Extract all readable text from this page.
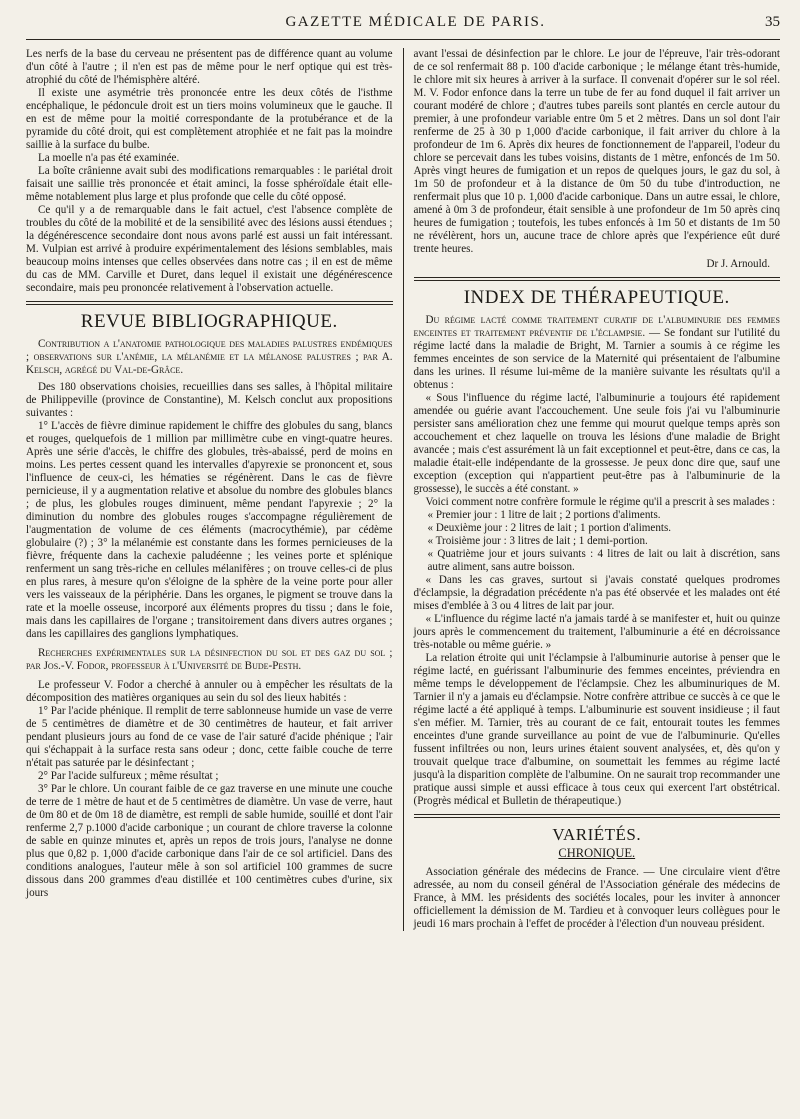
GAZETTE MÉDICALE DE PARIS.	35

Les nerfs de la base du cerveau ne présentent pas de différence quant au volume d'un côté à l'autre ; il n'en est pas de même pour le nerf optique qui est très-atrophié du côté de l'hémisphère altéré.

Il existe une asymétrie très prononcée entre les deux côtés de l'isthme encéphalique, le pédoncule droit est un tiers moins volumineux que le gauche. Il en est de même pour la moitié correspondante de la protubérance et de la pyramide du côté droit, qui est complètement atrophiée et ne fait pas la moindre saillie à la surface du bulbe.

La moelle n'a pas été examinée.

La boîte crânienne avait subi des modifications remarquables : le pariétal droit faisait une saillie très prononcée et était aminci, la fosse sphéroïdale était elle-même notablement plus large et plus profonde que celle du côté opposé.

Ce qu'il y a de remarquable dans le fait actuel, c'est l'absence complète de troubles du côté de la mobilité et de la sensibilité avec des lésions aussi étendues ; la dégénérescence secondaire dont nous avons parlé est aussi un fait intéressant. M. Vulpian est arrivé à produire expérimentalement des lésions semblables, mais beaucoup moins intenses que celles observées dans notre cas ; il en est de même du cas de MM. Carville et Duret, dans lequel il existait une dégénérescence secondaire, mais peu prononcée relativement à l'observation actuelle.

REVUE BIBLIOGRAPHIQUE.

Contribution a l'anatomie pathologique des maladies palustres endémiques ; observations sur l'anémie, la mélanémie et la mélanose palustres ; par A. Kelsch, agrégé du Val-de-Grâce.

Des 180 observations choisies, recueillies dans ses salles, à l'hôpital militaire de Philippeville (province de Constantine), M. Kelsch conclut aux propositions suivantes :

1° L'accès de fièvre diminue rapidement le chiffre des globules du sang, blancs et rouges, quelquefois de 1 million par millimètre cube en vingt-quatre heures. Après une série d'accès, le chiffre des globules, très-abaissé, perd de moins en moins. Les pertes cessent quand les intervalles d'apyrexie se prononcent et, sous l'influence de ceux-ci, les hématies se régénèrent. Dans le cas de fièvre pernicieuse, il y a augmentation relative et absolue du nombre des globules blancs ; de plus, les globules rouges diminuent, même pendant l'apyrexie ; 2° la diminution du nombre des globules rouges s'accompagne régulièrement de l'augmentation de volume de ces éléments (macrocythémie), par cédème globulaire (?) ; 3° la mélanémie est constante dans les formes pernicieuses de la fièvre, fréquente dans la cachexie paludéenne ; les veines porte et splénique renferment un sang très-riche en cellules mélanifères ; on trouve celles-ci de plus en plus rares, à mesure qu'on s'éloigne de la sphère de la veine porte pour aller vers les vaisseaux de la périphérie. Dans les organes, le pigment se trouve dans la rate et la moelle osseuse, incorporé aux éléments propres du tissu ; dans le foie, mais dans les capillaires de l'organe ; transitoirement dans divers autres organes ; dans les capillaires des ganglions lymphatiques.

Recherches expérimentales sur la désinfection du sol et des gaz du sol ; par Jos.-V. Fodor, professeur à l'Université de Bude-Pesth.

Le professeur V. Fodor a cherché à annuler ou à empêcher les résultats de la décomposition des matières organiques au sein du sol des lieux habités :

1° Par l'acide phénique. Il remplit de terre sablonneuse humide un vase de verre de 5 centimètres de diamètre et de 30 centimètres de hauteur, et fait arriver pendant plusieurs jours au fond de ce vase de l'air saturé d'acide phénique ; l'air qui s'échappait à la surface resta sans odeur ; donc, cette faible couche de terre n'était pas saturée par le désinfectant ;

2° Par l'acide sulfureux ; même résultat ;

3° Par le chlore. Un courant faible de ce gaz traverse en une minute une couche de terre de 1 mètre de haut et de 5 centimètres de diamètre. Un vase de verre, haut de 0m 80 et de 0m 18 de diamètre, est rempli de sable humide, souillé et dont l'air renferme 2,7 p.1000 d'acide carbonique ; un courant de chlore traverse la colonne de sable en quinze minutes et, après un repos de trois jours, l'analyse ne donne plus que 0,82 p. 1,000 d'acide carbonique dans l'air de ce sol artificiel. Dans des conditions analogues, l'auteur mêle à son sol artificiel 100 grammes de sucre dissous dans 200 grammes d'eau distillée et 100 centimètres cubes d'urine, six jours

avant l'essai de désinfection par le chlore. Le jour de l'épreuve, l'air très-odorant de ce sol renfermait 88 p. 100 d'acide carbonique ; le mélange étant très-humide, le chlore mit six heures à arriver à la surface. Il convenait d'opérer sur le sol réel. M. V. Fodor enfonce dans la terre un tube de fer au fond duquel il fait arriver un courant modéré de chlore ; d'autres tubes pareils sont plantés en cercle autour du premier, à une profondeur variable entre 0m 5 et 2 mètres. Dans un sol dont l'air renferme de 25 à 30 p 1,000 d'acide carbonique, il fait arriver du chlore à la profondeur de 1m 6. Après dix heures de fonctionnement de l'appareil, l'odeur du chlore se percevait dans les tubes voisins, distants de 1 mètre, enfoncés de 1m 50. Après vingt heures de fumigation et un repos de quelques jours, le gaz du sol, à 1m 50 de profondeur et à la distance de 0m 50 du tube d'introduction, ne renfermait plus que 10 p. 1,000 d'acide carbonique. Dans un autre essai, le chlore, amené à 0m 3 de profondeur, était sensible à une profondeur de 1m 50 après cinq heures de fumigation ; toutefois, les tubes enfoncés à 1m 50 et distants de 1m 50 ne révélèrent, hors un, aucune trace de chlore après que l'expérience eût duré trente heures.

Dr J. Arnould.
INDEX DE THÉRAPEUTIQUE.

Du régime lacté comme traitement curatif de l'albuminurie des femmes enceintes et traitement préventif de l'éclampsie. — Se fondant sur l'utilité du régime lacté dans la maladie de Bright, M. Tarnier a soumis à ce régime les femmes enceintes de son service de la Maternité qui présentaient de l'albumine dans les urines. Il résume lui-même de la manière suivante les résultats qu'il a obtenus :

« Sous l'influence du régime lacté, l'albuminurie a toujours été rapidement amendée ou guérie avant l'accouchement. Une seule fois j'ai vu l'albuminurie persister sans amélioration chez une femme qui mourut quelque temps après son accouchement et chez laquelle on trouva les lésions d'une maladie de Bright avancée ; mais c'est assurément là un fait exceptionnel et peut-être, dans ce cas, la maladie était-elle indépendante de la grossesse. Je peux donc dire que, sauf une exception (exception qui n'appartient peut-être pas à l'albuminurie de la grossesse), le succès a été constant. »

Voici comment notre confrère formule le régime qu'il a prescrit à ses malades :

« Premier jour : 1 litre de lait ; 2 portions d'aliments.

« Deuxième jour : 2 litres de lait ; 1 portion d'aliments.

« Troisième jour : 3 litres de lait ; 1 demi-portion.

« Quatrième jour et jours suivants : 4 litres de lait ou lait à discrétion, sans autre aliment, sans autre boisson.

« Dans les cas graves, surtout si j'avais constaté quelques prodromes d'éclampsie, la dégradation précédente n'a pas été observée et les malades ont été mises d'emblée à 3 ou 4 litres de lait par jour.

« L'influence du régime lacté n'a jamais tardé à se manifester et, huit ou quinze jours après le commencement du traitement, l'albuminurie a été en décroissance très-notable ou même guérie. »

La relation étroite qui unit l'éclampsie à l'albuminurie autorise à penser que le régime lacté, en guérissant l'albuminurie des femmes enceintes, préviendra en même temps le développement de l'éclampsie. Chez les albuminuriques de M. Tarnier il n'y a jamais eu d'éclampsie. Notre confrère attribue ce succès à ce que le régime lacté a été appliqué à temps. L'albuminurie est souvent insidieuse ; il faut s'en méfier. M. Tarnier, très au courant de ce fait, entourait toutes les femmes enceintes d'une grande surveillance au point de vue de l'albuminurie. Qu'elles fussent infiltrées ou non, leurs urines étaient souvent analysées, et, dès qu'on y trouvait quelque trace d'albumine, on soumettait les femmes au régime lacté jusqu'à la disparition complète de l'albumine. On ne saurait trop recommander une pratique aussi simple et aussi efficace à tous ceux qui exercent l'art obstétrical. (Progrès médical et Bulletin de thérapeutique.)

VARIÉTÉS.
CHRONIQUE.

Association générale des médecins de France. — Une circulaire vient d'être adressée, au nom du conseil général de l'Association générale des médecins de France, à MM. les présidents des sociétés locales, pour les inviter à annoncer officiellement la démission de M. Tardieu et à convoquer leurs collègues pour le jeudi 16 mars prochain à l'effet de procéder à l'élection d'un nouveau président.
